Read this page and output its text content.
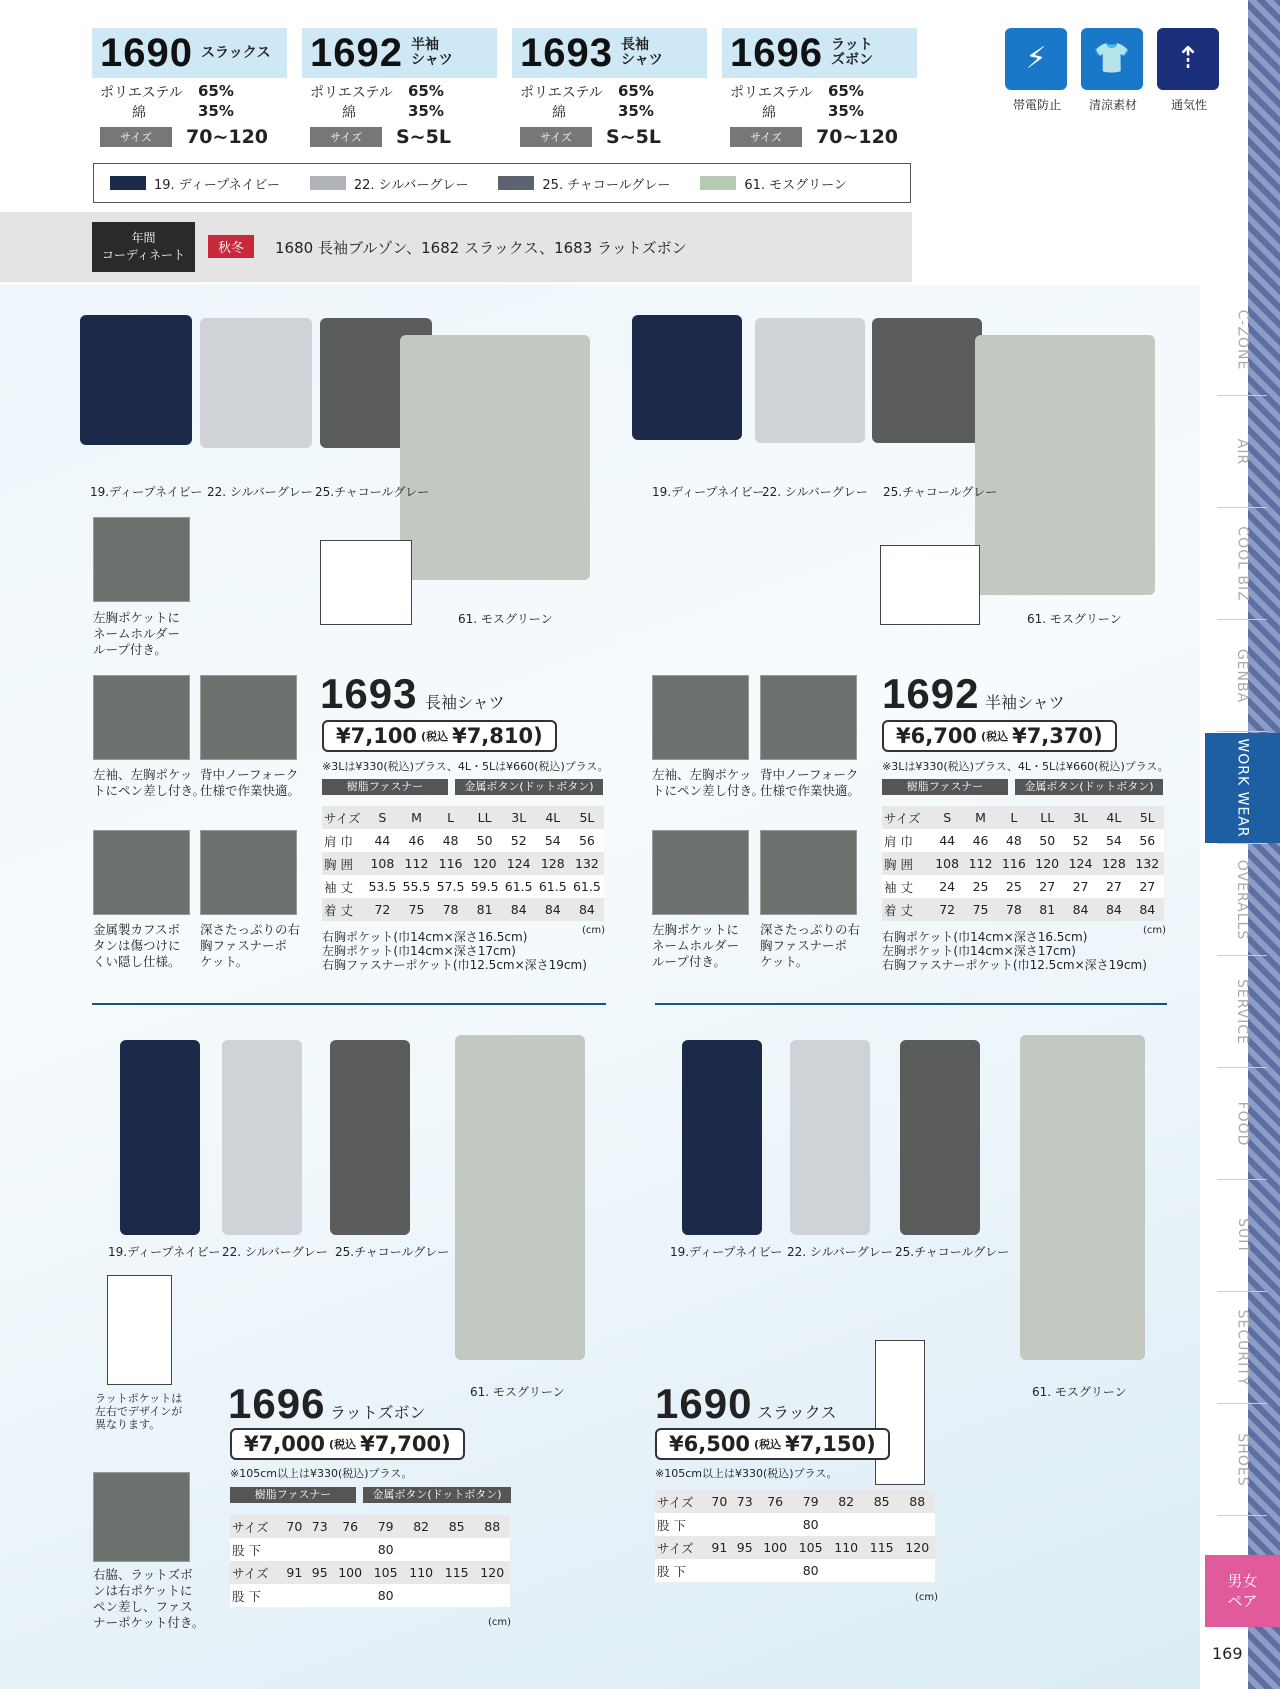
1690 スラックス
ポリエステル	65%
綿	35%
サイズ	70~120
1692 半袖
シャツ
ポリエステル	65%
綿	35%
サイズ	S~5L
1693 長袖
シャツ
ポリエステル	65%
綿	35%
サイズ	S~5L
1696 ラット
ズボン
ポリエステル	65%
綿	35%
サイズ	70~120
19. ディープネイビー	22. シルバーグレー	25. チャコールグレー	61. モスグリーン
年間
コーディネート	秋冬	1680 長袖ブルゾン、1682 スラックス、1683 ラットズボン
⚡
帯電防止
👕
清涼素材
⇡
通気性
男女
ペア
C-ZONE
AIR
COOL BIZ
GENBA
WORK WEAR
OVERALLS
SERVICE
FOOD
SUIT
SECURITY
SHOES
169
19.ディープネイビー 22. シルバーグレー 25.チャコールグレー
61. モスグリーン
左胸ポケットに
ネームホルダー
ループ付き。
左袖、左胸ポケッ
トにペン差し付き。
背中ノーフォーク
仕様で作業快適。
金属製カフスボ
タンは傷つけに
くい隠し仕様。
深さたっぷりの右
胸ファスナーポ
ケット。
1693 長袖シャツ
¥7,100 (税込 ¥7,810 )
※3Lは¥330(税込)プラス、4L・5Lは¥660(税込)プラス。
樹脂ファスナー	金属ボタン(ドットボタン)
サイズ	S	M	L	LL	3L	4L	5L
肩 巾	44	46	48	50	52	54	56
胸 囲	108	112	116	120	124	128	132
袖 丈	53.5	55.5	57.5	59.5	61.5	61.5	61.5
着 丈	72	75	78	81	84	84	84
(cm)
右胸ポケット(巾14cm×深さ16.5cm)
左胸ポケット(巾14cm×深さ17cm)
右胸ファスナーポケット(巾12.5cm×深さ19cm)
19.ディープネイビー
22. シルバーグレー 25.チャコールグレー
61. モスグリーン
左袖、左胸ポケッ
トにペン差し付き。
背中ノーフォーク
仕様で作業快適。
左胸ポケットに
ネームホルダー
ループ付き。
深さたっぷりの右
胸ファスナーポ
ケット。
1692 半袖シャツ
¥6,700 (税込 ¥7,370 )
※3Lは¥330(税込)プラス、4L・5Lは¥660(税込)プラス。
樹脂ファスナー	金属ボタン(ドットボタン)
サイズ	S	M	L	LL	3L	4L	5L
肩 巾	44	46	48	50	52	54	56
胸 囲	108	112	116	120	124	128	132
袖 丈	24	25	25	27	27	27	27
着 丈	72	75	78	81	84	84	84
(cm)
右胸ポケット(巾14cm×深さ16.5cm)
左胸ポケット(巾14cm×深さ17cm)
右胸ファスナーポケット(巾12.5cm×深さ19cm)
19.ディープネイビー 22. シルバーグレー 25.チャコールグレー
61. モスグリーン
ラットポケットは
左右でデザインが
異なります。
右脇、ラットズボ
ンは右ポケットに
ペン差し、ファス
ナーポケット付き。
1696 ラットズボン
¥7,000 (税込 ¥7,700 )
※105cm以上は¥330(税込)プラス。
樹脂ファスナー	金属ボタン(ドットボタン)
サイズ	70	73	76	79	82	85	88
股 下				80			
サイズ	91	95	100	105	110	115	120
股 下				80			
(cm)
19.ディープネイビー 22. シルバーグレー 25.チャコールグレー
61. モスグリーン
1690 スラックス
¥6,500 (税込 ¥7,150 )
※105cm以上は¥330(税込)プラス。
(cm)
サイズ	70	73	76	79	82	85	88
股 下				80			
サイズ	91	95	100	105	110	115	120
股 下				80			
